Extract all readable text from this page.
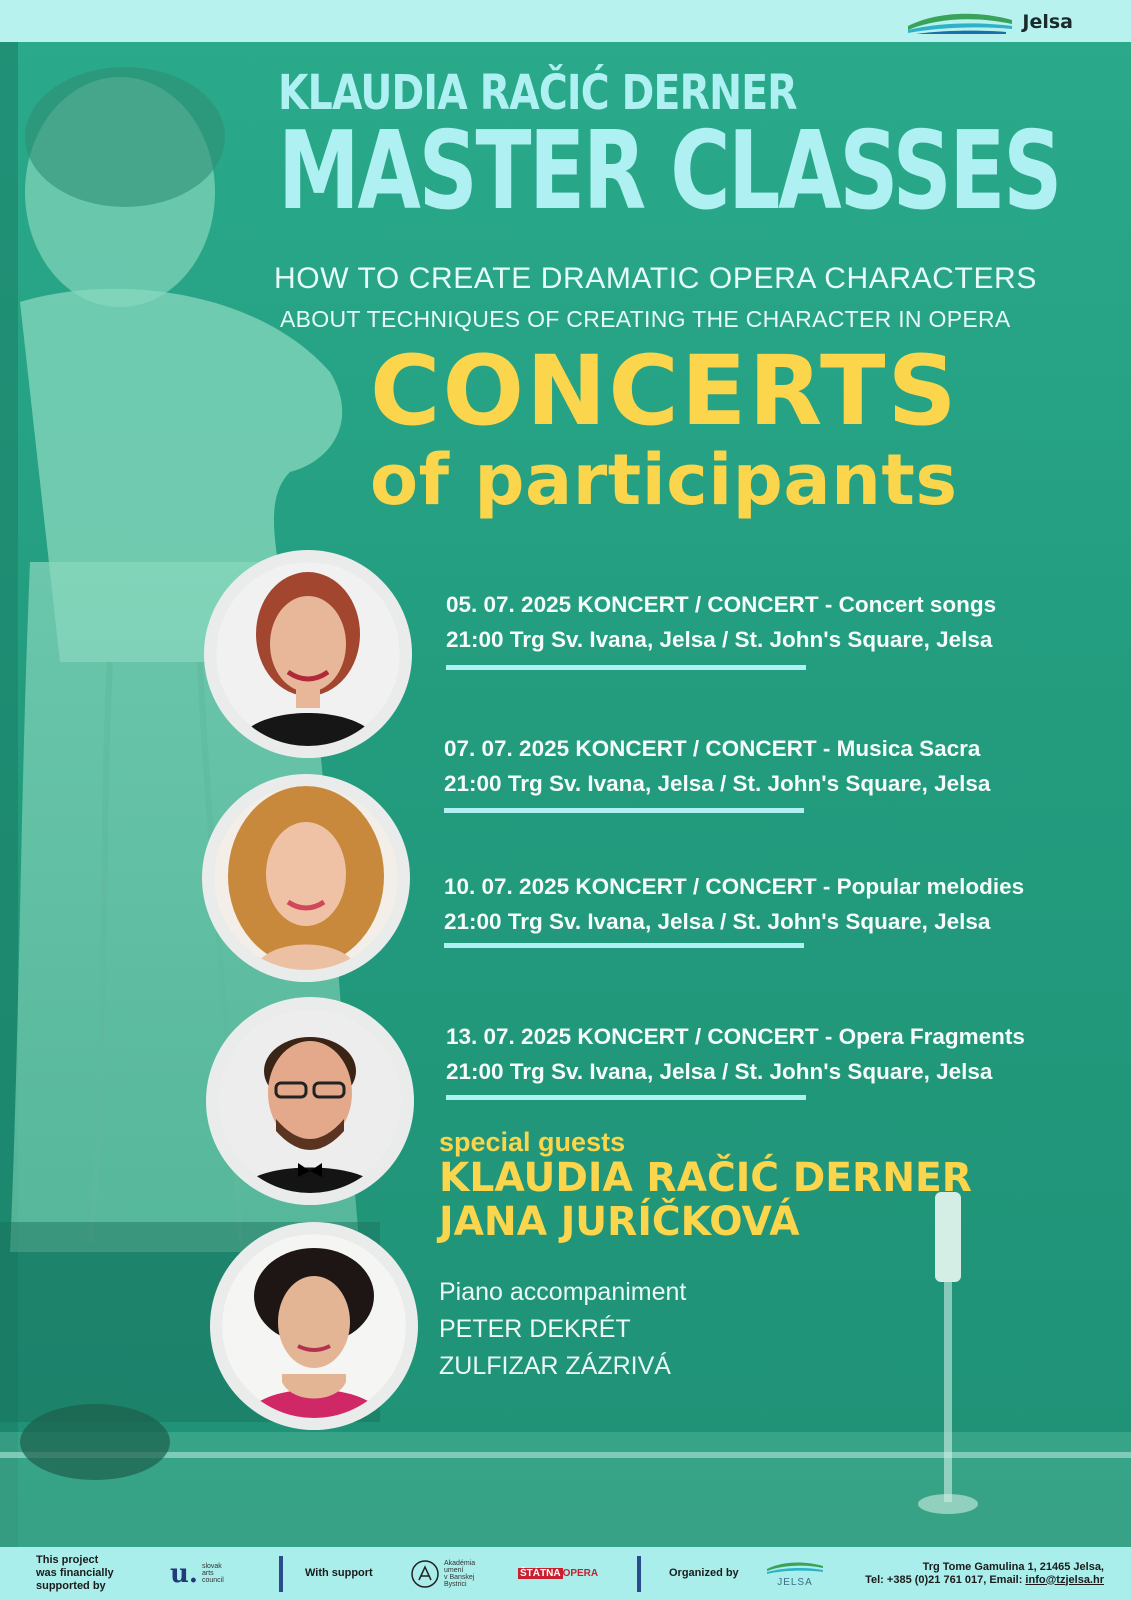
Jelsa
KLAUDIA RAČIĆ DERNER
MASTER CLASSES
HOW TO CREATE DRAMATIC OPERA CHARACTERS
ABOUT TECHNIQUES OF CREATING THE CHARACTER IN OPERA
CONCERTS
of participants
05. 07. 2025 KONCERT / CONCERT - Concert songs
21:00 Trg Sv. Ivana, Jelsa / St. John's Square, Jelsa
07. 07. 2025 KONCERT / CONCERT - Musica Sacra
21:00 Trg Sv. Ivana, Jelsa / St. John's Square, Jelsa
10. 07. 2025 KONCERT / CONCERT - Popular melodies
21:00 Trg Sv. Ivana, Jelsa / St. John's Square, Jelsa
13. 07. 2025 KONCERT / CONCERT - Opera Fragments
21:00 Trg Sv. Ivana, Jelsa / St. John's Square, Jelsa
special guests
KLAUDIA RAČIĆ DERNER
JANA JURÍČKOVÁ
Piano accompaniment
PETER DEKRÉT
ZULFIZAR ZÁZRIVÁ
This project
was financially
supported by	u. slovak
arts
council
With support
Akadémia
umení
v Banskej
Bystrici
ŠTÁTNA OPERA	Organized by
JELSA
Trg Tome Gamulina 1, 21465 Jelsa,
Tel: +385 (0)21 761 017, Email: info@tzjelsa.hr
